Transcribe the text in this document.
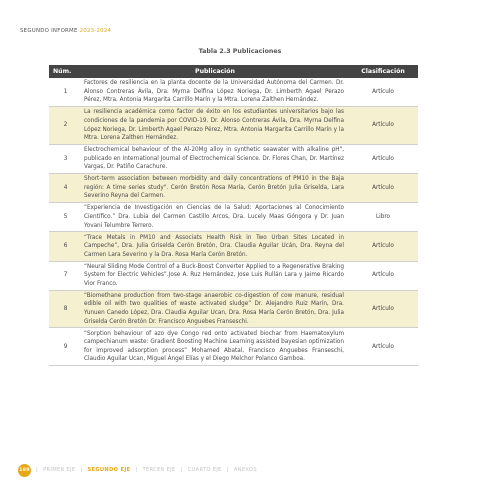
SEGUNDO INFORME 2023-2024
Tabla 2.3 Publicaciones
Núm.	Publicación	Clasificación
1	Factores de resiliencia en la planta docente de la Universidad Autónoma del Carmen. Dr. Alonso Contreras Ávila, Dra. Myrna Delfina López Noriega, Dr. Limberth Agael Perazo Pérez, Mtra. Antonia Margarita Carrillo Marín y la Mtra. Lorena Zalthen Hernández.	Artículo
2	La resiliencia académica como factor de éxito en los estudiantes universitarios bajo las condiciones de la pandemia por COVID-19. Dr. Alonso Contreras Ávila, Dra. Myrna Delfina López Noriega, Dr. Limberth Agael Perazo Pérez, Mtra. Antonia Margarita Carrillo Marín y la Mtra. Lorena Zalthen Hernández.	Artículo
3	Electrochemical behaviour of the Al-20Mg alloy in synthetic seawater with alkaline pH", publicado en International Journal of Electrochemical Science. Dr. Flores Chan, Dr. Martínez Vargas, Dr. Patiño Carachure.	Artículo
4	Short-term association between morbidity and daily concentrations of PM10 in the Baja región: A time series study". Cerón Bretón Rosa María, Cerón Bretón Julia Griselda, Lara Severino Reyna del Carmen.	Artículo
5	“Experiencia de Investigación en Ciencias de la Salud: Aportaciones al Conocimiento Científico.” Dra. Lubia del Carmen Castillo Arcos, Dra. Lucely Maas Góngora y Dr. Juan Yovani Telumbre Terrero.	Libro
6	“Trace Metals in PM10 and Associats Health Risk in Two Urban Sites Located in Campeche”, Dra. Julia Griselda Cerón Bretón, Dra. Claudia Aguilar Ucán, Dra. Reyna del Carmen Lara Severino y la Dra. Rosa María Cerón Bretón.	Artículo
7	“Neural Sliding Mode Control of a Buck-Boost Converter Applied to a Regenerative Braking System for Electric Vehicles”.Jose A. Ruz Hernández, Jose Luis Rullán Lara y Jaime Ricardo Vior Franco.	Artículo
8	“Biomethane production from two-stage anaerobic co-digestion of cow manure, residual edible oil with two qualities of waste activated sludge” Dr. Alejandro Ruiz Marín, Dra. Yunuen Canedo López, Dra. Claudia Aguilar Ucan, Dra. Rosa María Cerón Bretón, Dra. Julia Griselda Cerón Bretón Dr. Francisco Anguebes Franseschi.	Artículo
9	“Sorption behaviour of azo dye Congo red onto activated biochar from Haematoxylum campechianum waste: Gradient Boosting Machine Learning assisted bayesian optimization for improved adsorption process” Mohamed Abatal, Francisco Anguebes Franseschi, Claudio Aguilar Ucan, Miguel Ángel Elías y el Diego Melchor Polanco Gamboa.	Artículo
180 | PRIMER EJE | SEGUNDO EJE | TERCER EJE | CUARTO EJE | ANEXOS
